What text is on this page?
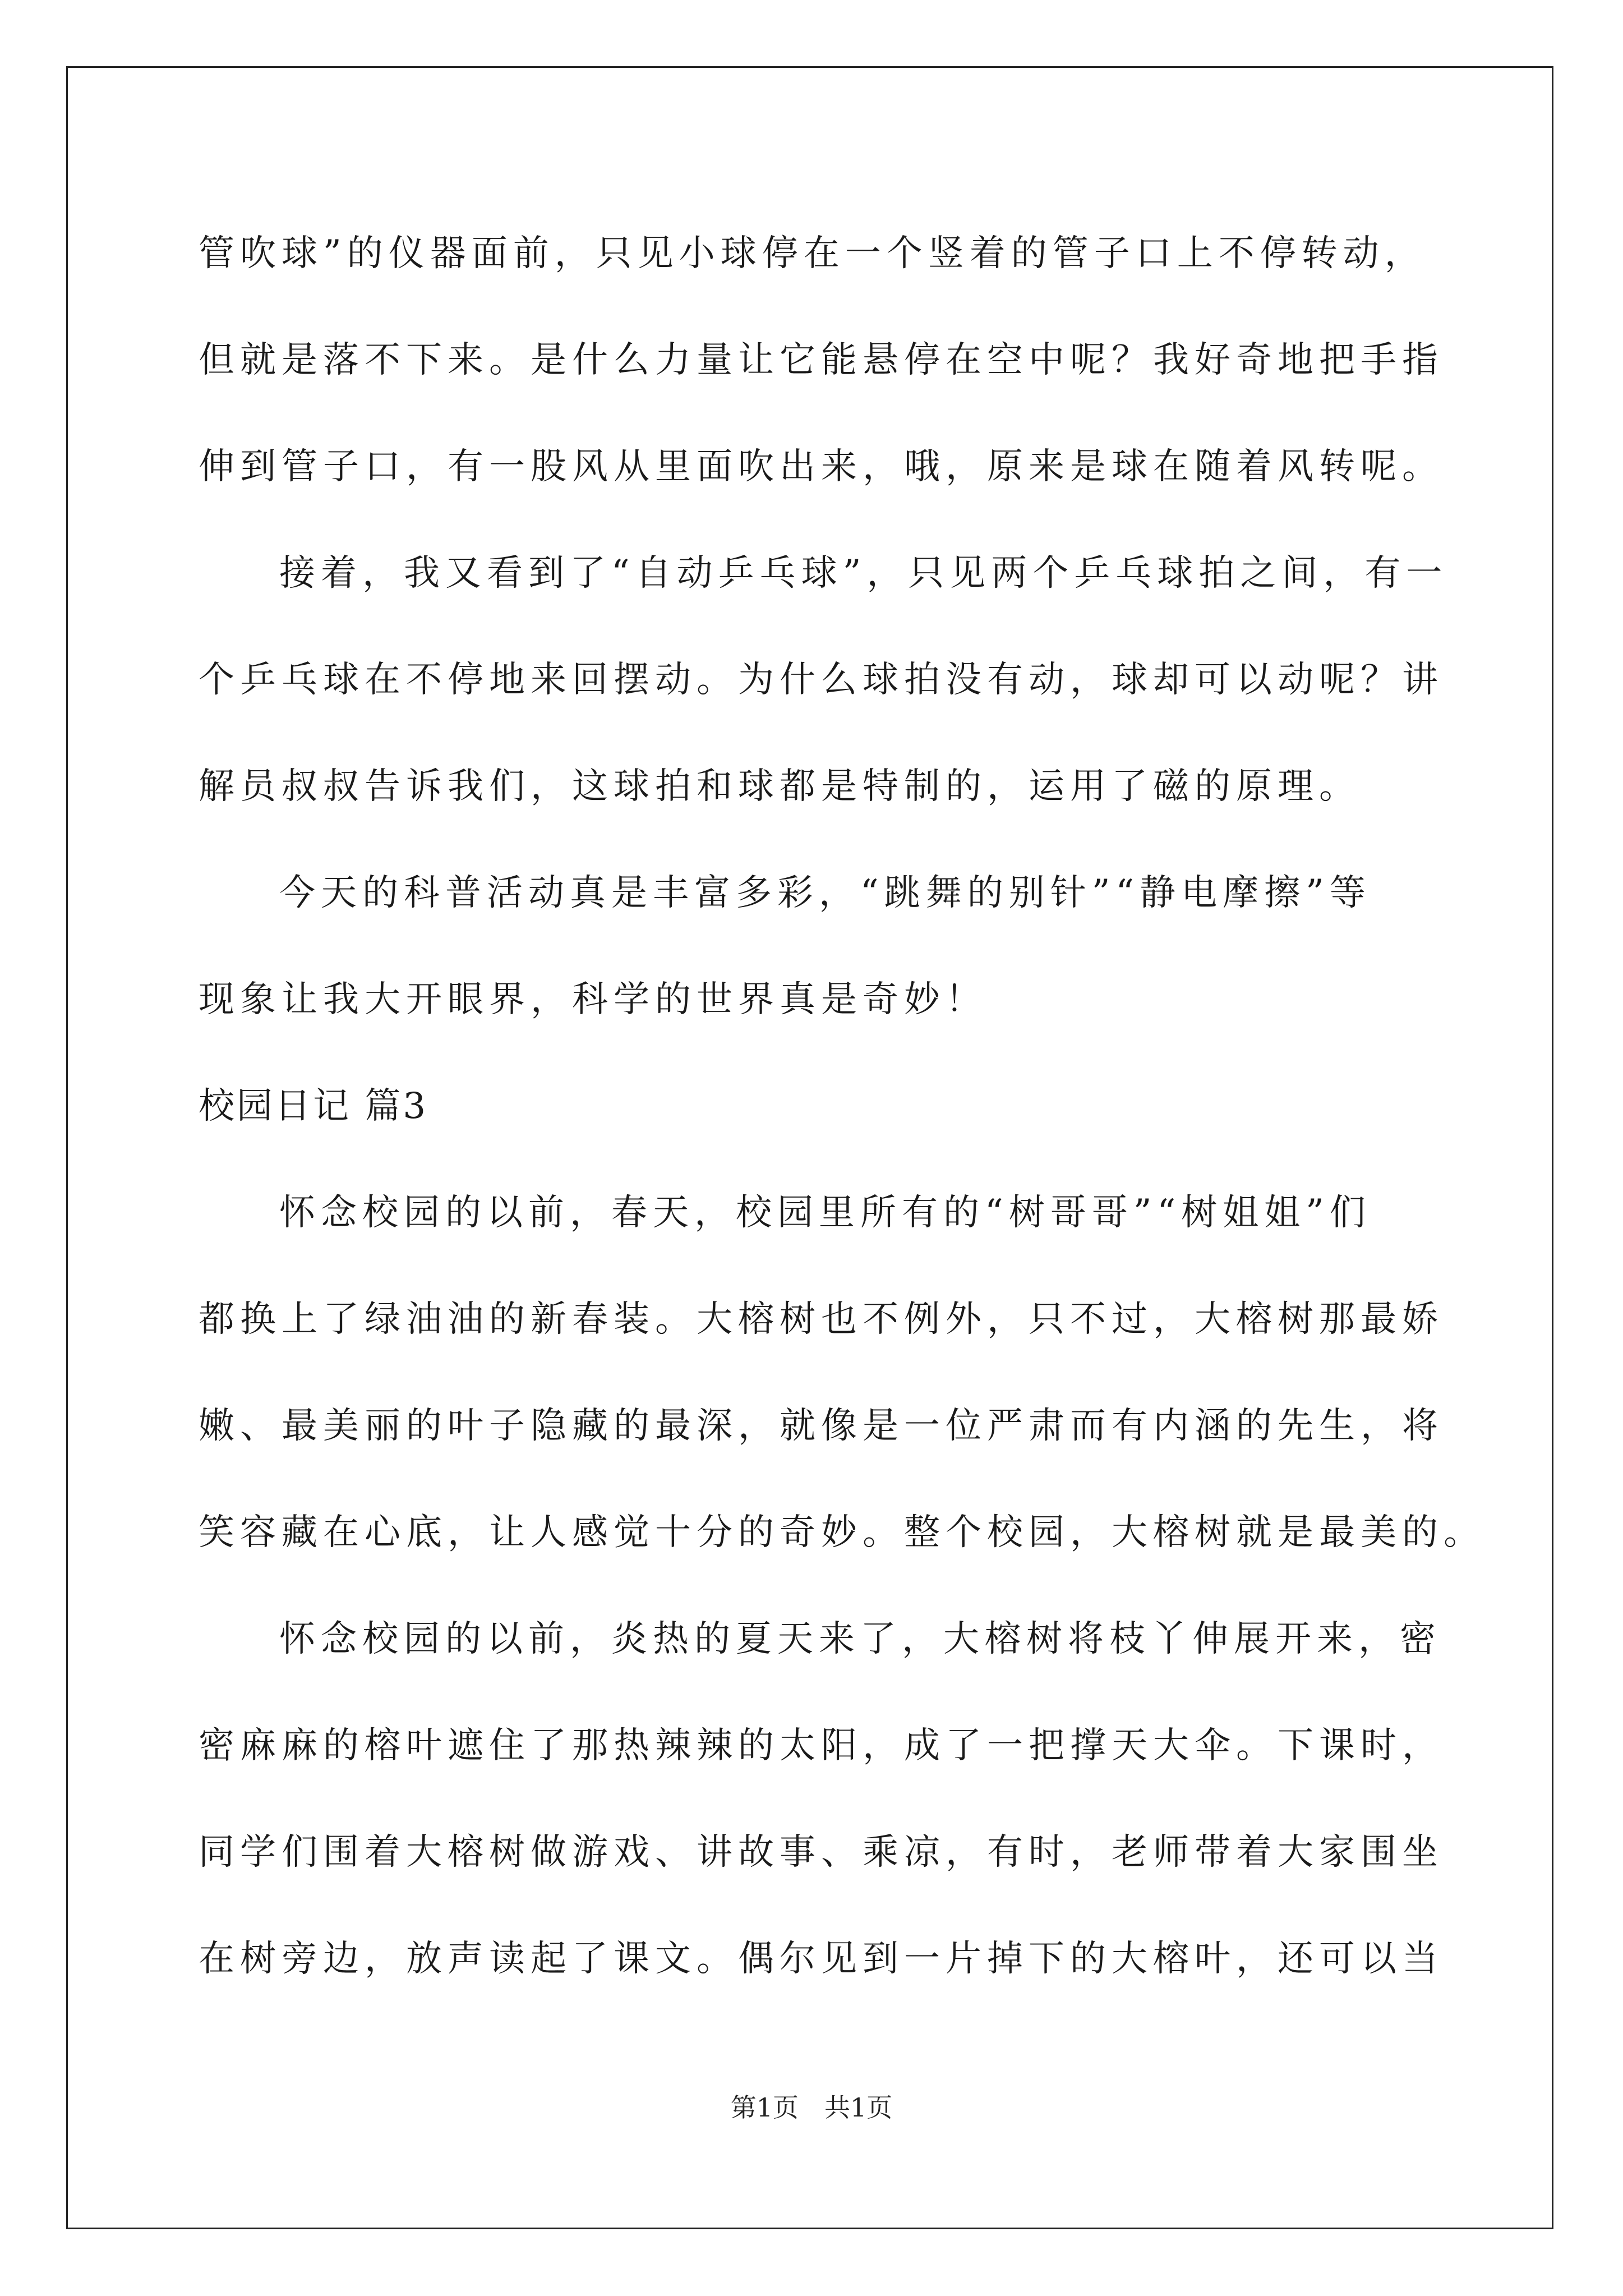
管吹球”的仪器面前，只见小球停在一个竖着的管子口上不停转动，
但就是落不下来。是什么力量让它能悬停在空中呢？我好奇地把手指
伸到管子口，有一股风从里面吹出来，哦，原来是球在随着风转呢。
接着，我又看到了“自动乒乓球”，只见两个乒乓球拍之间，有一
个乒乓球在不停地来回摆动。为什么球拍没有动，球却可以动呢？讲
解员叔叔告诉我们，这球拍和球都是特制的，运用了磁的原理。
今天的科普活动真是丰富多彩，“跳舞的别针”“静电摩擦”等
现象让我大开眼界，科学的世界真是奇妙！
校园日记 篇3
怀念校园的以前，春天，校园里所有的“树哥哥”“树姐姐”们
都换上了绿油油的新春装。大榕树也不例外，只不过，大榕树那最娇
嫩、最美丽的叶子隐藏的最深，就像是一位严肃而有内涵的先生，将
笑容藏在心底，让人感觉十分的奇妙。整个校园，大榕树就是最美的。
怀念校园的以前，炎热的夏天来了，大榕树将枝丫伸展开来，密
密麻麻的榕叶遮住了那热辣辣的太阳，成了一把撑天大伞。下课时，
同学们围着大榕树做游戏、讲故事、乘凉，有时，老师带着大家围坐
在树旁边，放声读起了课文。偶尔见到一片掉下的大榕叶，还可以当
第1页　共1页
